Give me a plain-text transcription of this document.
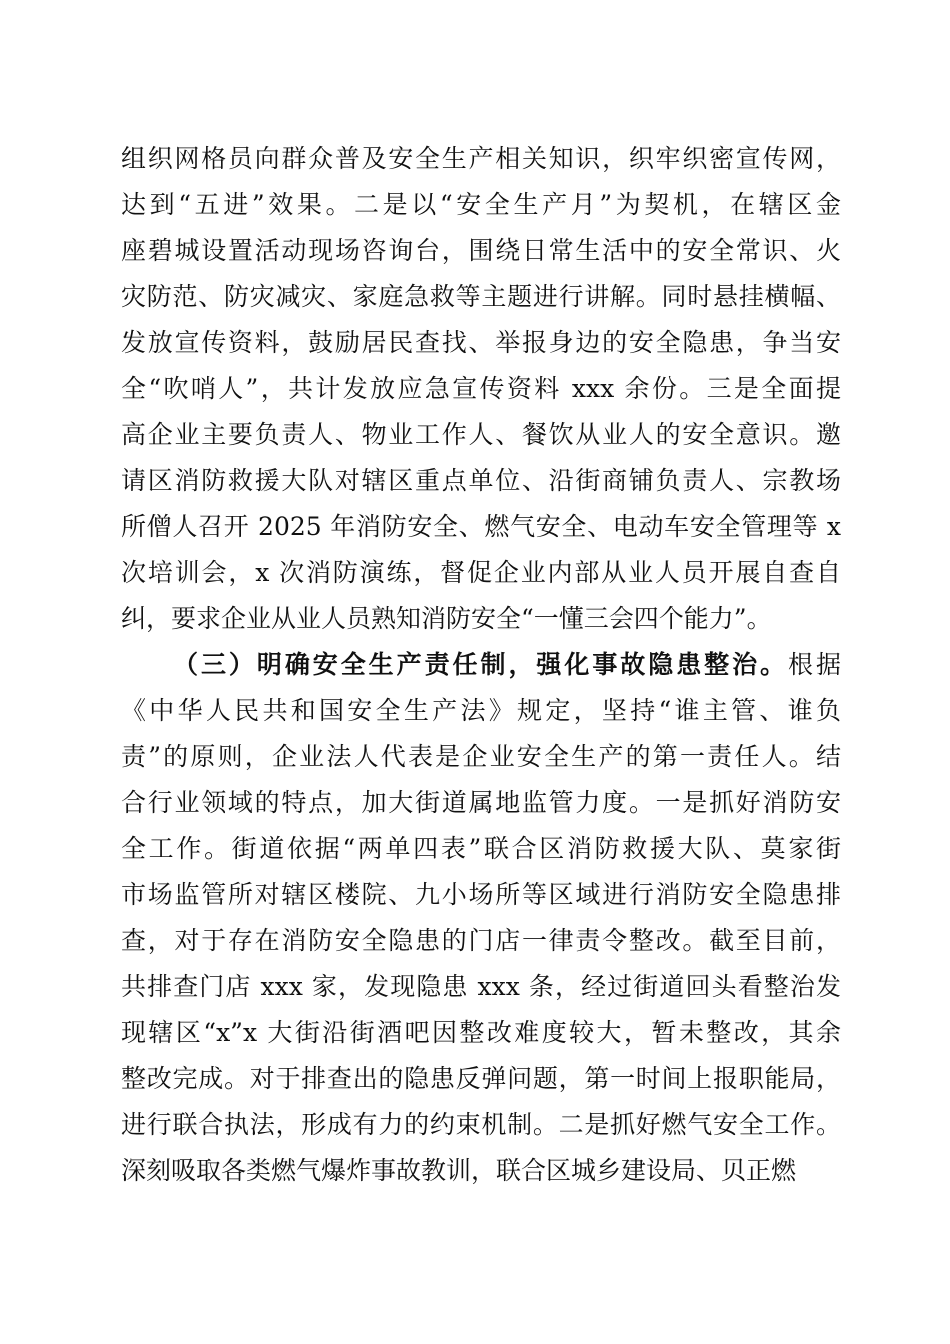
组织网格员向群众普及安全生产相关知识，织牢织密宣传网，
达到“五进”效果。二是以“安全生产月”为契机，在辖区金
座碧城设置活动现场咨询台，围绕日常生活中的安全常识、火
灾防范、防灾减灾、家庭急救等主题进行讲解。同时悬挂横幅、
发放宣传资料，鼓励居民查找、举报身边的安全隐患，争当安
全“吹哨人”，共计发放应急宣传资料 xxx 余份。三是全面提
高企业主要负责人、物业工作人、餐饮从业人的安全意识。邀
请区消防救援大队对辖区重点单位、沿街商铺负责人、宗教场
所僧人召开 2025 年消防安全、燃气安全、电动车安全管理等 x
次培训会，x 次消防演练，督促企业内部从业人员开展自查自
纠，要求企业从业人员熟知消防安全“一懂三会四个能力”。
（三）明确安全生产责任制，强化事故隐患整治。根据
《中华人民共和国安全生产法》规定，坚持“谁主管、谁负
责”的原则，企业法人代表是企业安全生产的第一责任人。结
合行业领域的特点，加大街道属地监管力度。一是抓好消防安
全工作。街道依据“两单四表”联合区消防救援大队、莫家街
市场监管所对辖区楼院、九小场所等区域进行消防安全隐患排
查，对于存在消防安全隐患的门店一律责令整改。截至目前，
共排查门店 xxx 家，发现隐患 xxx 条，经过街道回头看整治发
现辖区“x”x 大街沿街酒吧因整改难度较大，暂未整改，其余
整改完成。对于排查出的隐患反弹问题，第一时间上报职能局，
进行联合执法，形成有力的约束机制。二是抓好燃气安全工作。
深刻吸取各类燃气爆炸事故教训，联合区城乡建设局、贝正燃
